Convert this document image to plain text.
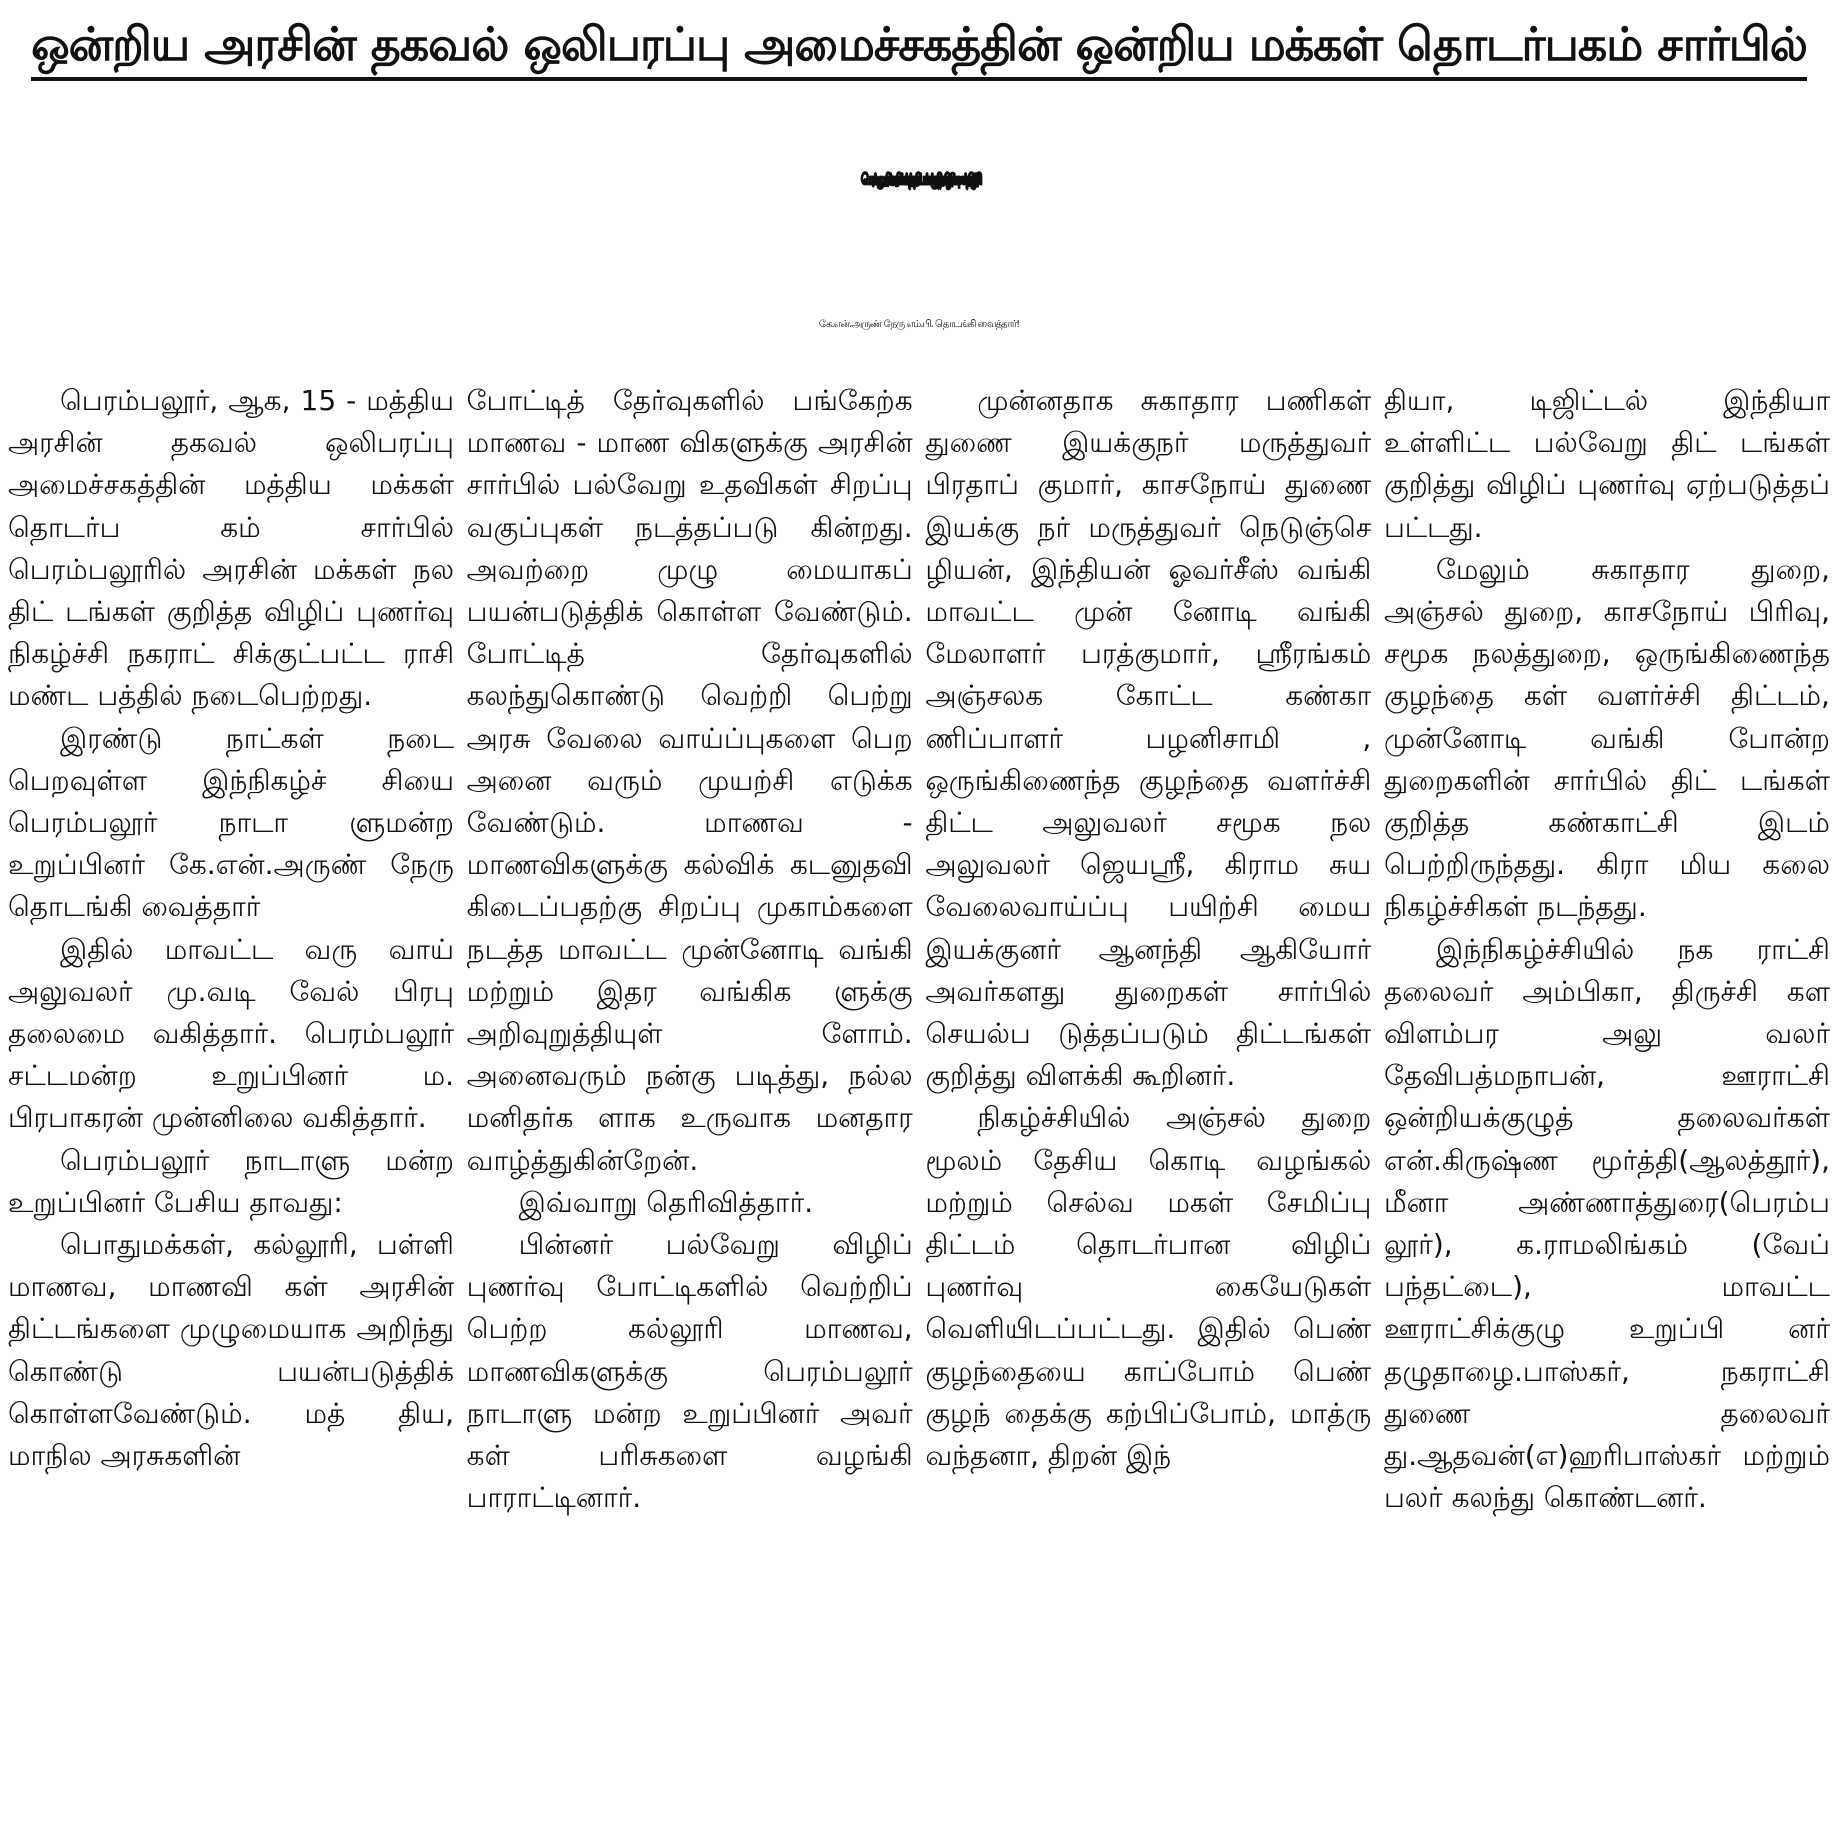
ஒன்றிய அரசின் தகவல் ஒலிபரப்பு அமைச்சகத்தின் ஒன்றிய மக்கள் தொடர்பகம் சார்பில்
பெரம்பலூரில் அரசின் மக்கள் நலத் திட்டங்கள் குறித்த விழிப்புணர்வு நிகழ்ச்சி!
கே.என்.அருண் நேரு எம்.பி. தொடங்கி வைத்தார்!

பெரம்பலூர், ஆக, 15 - மத்திய அரசின் தகவல் ஒலிபரப்பு அமைச்சகத்தின் மத்திய மக்கள் தொடர்ப கம் சார்பில் பெரம்பலூரில் அரசின் மக்கள் நல திட் டங்கள் குறித்த விழிப் புணர்வு நிகழ்ச்சி நகராட் சிக்குட்பட்ட ராசி மண்ட பத்தில் நடைபெற்றது.

இரண்டு நாட்கள் நடை பெறவுள்ள இந்நிகழ்ச் சியை பெரம்பலூர் நாடா ளுமன்ற உறுப்பினர் கே.என்.அருண் நேரு தொடங்கி வைத்தார்

இதில் மாவட்ட வரு வாய் அலுவலர் மு.வடி வேல் பிரபு தலைமை வகித்தார். பெரம்பலூர் சட்டமன்ற உறுப்பினர் ம. பிரபாகரன் முன்னிலை வகித்தார்.

பெரம்பலூர் நாடாளு மன்ற உறுப்பினர் பேசிய தாவது:

பொதுமக்கள், கல்லூரி, பள்ளி மாணவ, மாணவி கள் அரசின் திட்டங்களை முழுமையாக அறிந்து கொண்டு பயன்படுத்திக் கொள்ளவேண்டும். மத் திய, மாநில அரசுகளின்

போட்டித் தேர்வுகளில் பங்கேற்க மாணவ - மாண விகளுக்கு அரசின் சார்பில் பல்வேறு உதவிகள் சிறப்பு வகுப்புகள் நடத்தப்படு கின்றது. அவற்றை முழு மையாகப் பயன்படுத்திக் கொள்ள வேண்டும். போட்டித் தேர்வுகளில் கலந்துகொண்டு வெற்றி பெற்று அரசு வேலை வாய்ப்புகளை பெற அனை வரும் முயற்சி எடுக்க வேண்டும். மாணவ - மாணவிகளுக்கு கல்விக் கடனுதவி கிடைப்பதற்கு சிறப்பு முகாம்களை நடத்த மாவட்ட முன்னோடி வங்கி மற்றும் இதர வங்கிக ளுக்கு அறிவுறுத்தியுள் ளோம். அனைவரும் நன்கு படித்து, நல்ல மனிதர்க ளாக உருவாக மனதார வாழ்த்துகின்றேன்.

இவ்வாறு தெரிவித்தார்.

பின்னர் பல்வேறு விழிப் புணர்வு போட்டிகளில் வெற்றிப் பெற்ற கல்லூரி மாணவ, மாணவிகளுக்கு பெரம்பலூர் நாடாளு மன்ற உறுப்பினர் அவர் கள் பரிசுகளை வழங்கி பாராட்டினார்.

முன்னதாக சுகாதார பணிகள் துணை இயக்குநர் மருத்துவர் பிரதாப் குமார், காசநோய் துணை இயக்கு நர் மருத்துவர் நெடுஞ்செ ழியன், இந்தியன் ஓவர்சீஸ் வங்கி மாவட்ட முன் னோடி வங்கி மேலாளர் பரத்குமார், ஸ்ரீரங்கம் அஞ்சலக கோட்ட கண்கா ணிப்பாளர் பழனிசாமி , ஒருங்கிணைந்த குழந்தை வளர்ச்சி திட்ட அலுவலர் சமூக நல அலுவலர் ஜெயஸ்ரீ, கிராம சுய வேலைவாய்ப்பு பயிற்சி மைய இயக்குனர் ஆனந்தி ஆகியோர் அவர்களது துறைகள் சார்பில் செயல்ப டுத்தப்படும் திட்டங்கள் குறித்து விளக்கி கூறினர்.

நிகழ்ச்சியில் அஞ்சல் துறை மூலம் தேசிய கொடி வழங்கல் மற்றும் செல்வ மகள் சேமிப்பு திட்டம் தொடர்பான விழிப் புணர்வு கையேடுகள் வெளியிடப்பட்டது. இதில் பெண் குழந்தையை காப்போம் பெண் குழந் தைக்கு கற்பிப்போம், மாத்ரு வந்தனா, திறன் இந்

தியா, டிஜிட்டல் இந்தியா உள்ளிட்ட பல்வேறு திட் டங்கள் குறித்து விழிப் புணர்வு ஏற்படுத்தப் பட்டது.

மேலும் சுகாதார துறை, அஞ்சல் துறை, காசநோய் பிரிவு, சமூக நலத்துறை, ஒருங்கிணைந்த குழந்தை கள் வளர்ச்சி திட்டம், முன்னோடி வங்கி போன்ற துறைகளின் சார்பில் திட் டங்கள் குறித்த கண்காட்சி இடம் பெற்றிருந்தது. கிரா மிய கலை நிகழ்ச்சிகள் நடந்தது.

இந்நிகழ்ச்சியில் நக ராட்சி தலைவர் அம்பிகா, திருச்சி கள விளம்பர அலு வலர் தேவிபத்மநாபன், ஊராட்சி ஒன்றியக்குழுத் தலைவர்கள் என்.கிருஷ்ண மூர்த்தி(ஆலத்தூர்), மீனா அண்ணாத்துரை(பெரம்ப லூர்), க.ராமலிங்கம் (வேப் பந்தட்டை), மாவட்ட ஊராட்சிக்குழு உறுப்பி னர் தழுதாழை.பாஸ்கர், நகராட்சி துணை தலைவர் து.ஆதவன்(எ)ஹரிபாஸ்கர் மற்றும் பலர் கலந்து கொண்டனர்.
